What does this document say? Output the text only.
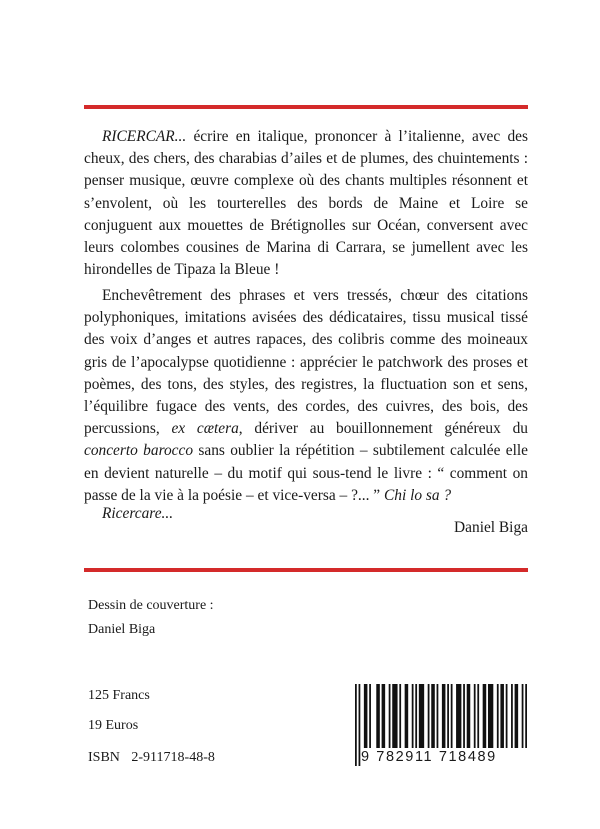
RICERCAR... écrire en italique, prononcer à l’italienne, avec des cheux, des chers, des charabias d’ailes et de plumes, des chuintements : penser musique, œuvre complexe où des chants multiples résonnent et s’envolent, où les tourterelles des bords de Maine et Loire se conjuguent aux mouettes de Brétignolles sur Océan, conversent avec leurs colombes cousines de Marina di Carrara, se jumellent avec les hirondelles de Tipaza la Bleue !

Enchevêtrement des phrases et vers tressés, chœur des citations polyphoniques, imitations avisées des dédicataires, tissu musical tissé des voix d’anges et autres rapaces, des colibris comme des moineaux gris de l’apocalypse quotidienne : apprécier le patchwork des proses et poèmes, des tons, des styles, des registres, la fluctuation son et sens, l’équilibre fugace des vents, des cordes, des cuivres, des bois, des percussions, ex cætera, dériver au bouillonnement généreux du concerto barocco sans oublier la répétition – subtilement calculée elle en devient naturelle – du motif qui sous-tend le livre : “ comment on passe de la vie à la poésie – et vice-versa – ?... ” Chi lo sa ?

Ricercare...
Daniel Biga
Dessin de couverture :
Daniel Biga
125 Francs
19 Euros
ISBN 2-911718-48-8	9 782911 718489
